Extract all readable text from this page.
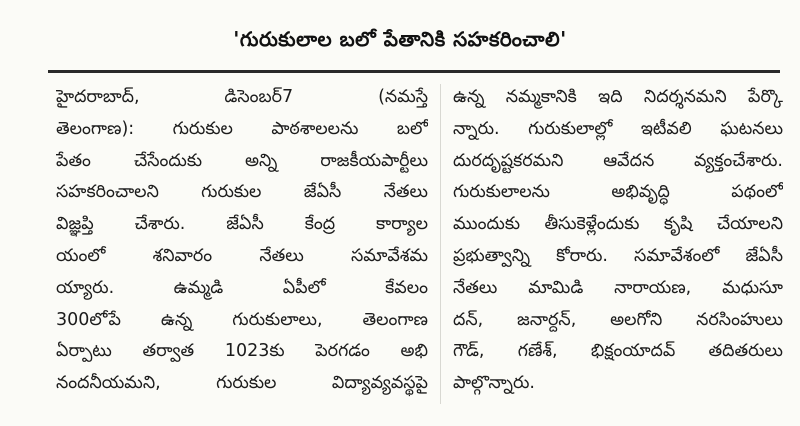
'గురుకులాల బలో పేతానికి సహకరించాలి'
హైదరాబాద్, డిసెంబర్7 (నమస్తే
తెలంగాణ): గురుకుల పాఠశాలలను బలో
పేతం చేసేందుకు అన్ని రాజకీయపార్టీలు
సహకరించాలని గురుకుల జేఏసీ నేతలు
విజ్ఞప్తి చేశారు. జేఏసీ కేంద్ర కార్యాల
యంలో శనివారం నేతలు సమావేశమ
య్యారు. ఉమ్మడి ఏపీలో కేవలం
300లోపే ఉన్న గురుకులాలు, తెలంగాణ
ఏర్పాటు తర్వాత 1023కు పెరగడం అభి
నందనీయమని, గురుకుల విద్యావ్యవస్థపై
ఉన్న నమ్మకానికి ఇది నిదర్శనమని పేర్కొ
న్నారు. గురుకులాల్లో ఇటీవలి ఘటనలు
దురదృష్టకరమని ఆవేదన వ్యక్తంచేశారు.
గురుకులాలను అభివృద్ధి పథంలో
ముందుకు తీసుకెళ్లేందుకు కృషి చేయాలని
ప్రభుత్వాన్ని కోరారు. సమావేశంలో జేఏసీ
నేతలు మామిడి నారాయణ, మధుసూ
దన్, జనార్దన్, అలగోని నరసింహులు
గౌడ్, గణేశ్, భిక్షంయాదవ్ తదితరులు
పాల్గొన్నారు.
